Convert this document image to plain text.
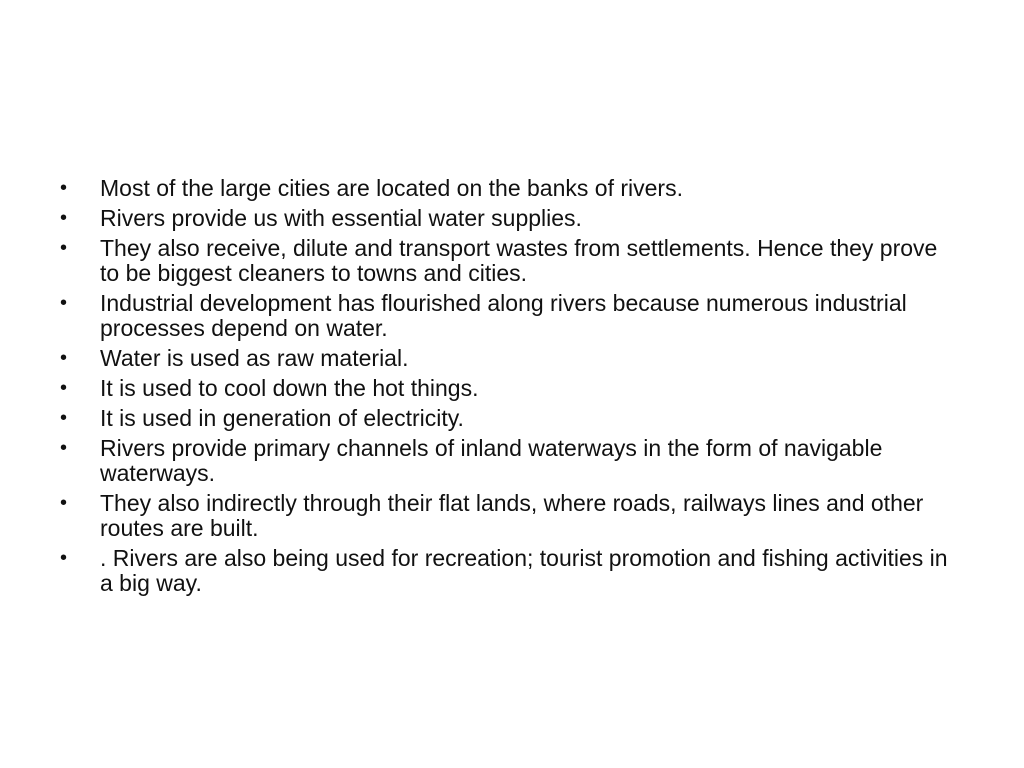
•	Most of the large cities are located on the banks of rivers.
•	Rivers provide us with essential water supplies.
•	They also receive, dilute and transport wastes from settlements. Hence they prove to be biggest cleaners to towns and cities.
•	Industrial development has flourished along rivers because numerous industrial processes depend on water.
•	Water is used as raw material.
•	It is used to cool down the hot things.
•	It is used in generation of electricity.
•	Rivers provide primary channels of inland waterways in the form of navigable waterways.
•	They also indirectly through their flat lands, where roads, railways lines and other routes are built.
•	. Rivers are also being used for recreation; tourist promotion and fishing activities in a big way.
